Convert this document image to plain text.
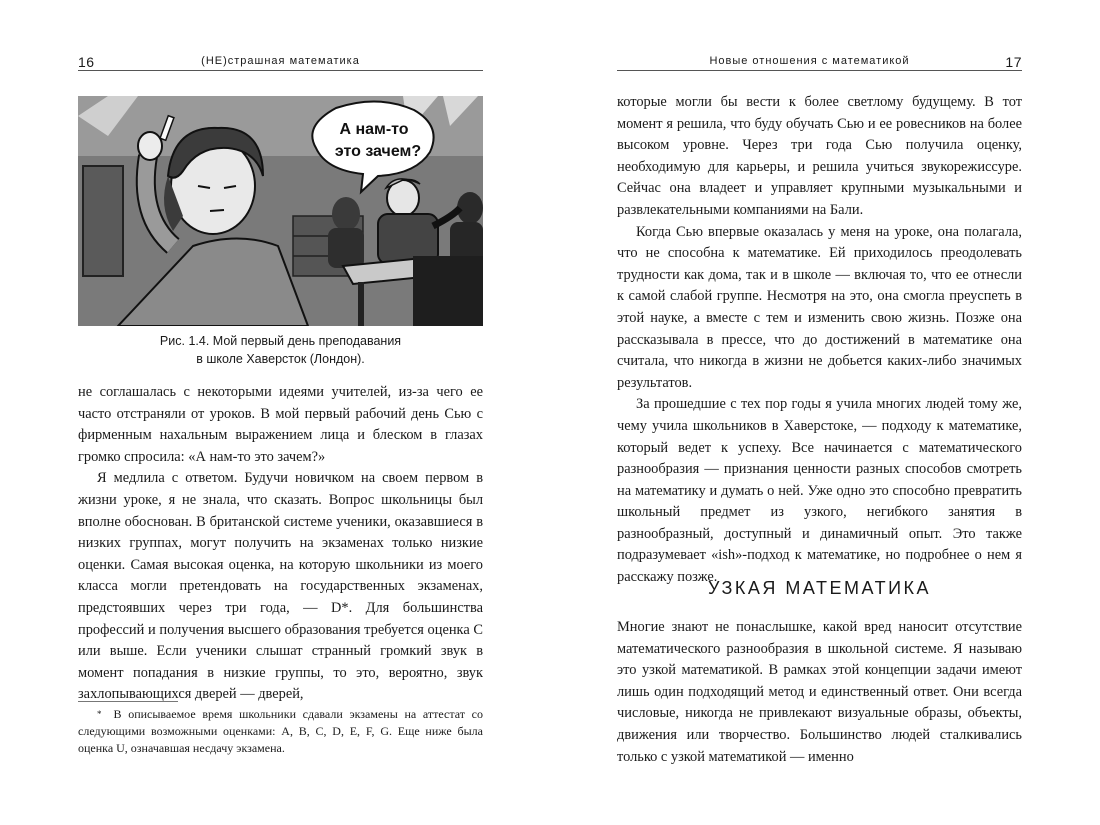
16	(НЕ)страшная математика
А нам-то
это зачем?
Рис. 1.4. Мой первый день преподавания
в школе Хаверсток (Лондон).

не соглашалась с некоторыми идеями учителей, из-за чего ее часто отстраняли от уроков. В мой первый рабочий день Сью с фирменным нахальным выражением лица и блеском в глазах громко спросила: «А нам-то это зачем?»

Я медлила с ответом. Будучи новичком на своем первом в жизни уроке, я не знала, что сказать. Вопрос школьницы был вполне обоснован. В британской системе ученики, оказавшиеся в низких группах, могут получить на экзаменах только низкие оценки. Самая высокая оценка, на которую школьники из моего класса могли претендовать на государственных экзаменах, предстоявших через три года, — D*. Для большинства профессий и получения высшего образования требуется оценка C или выше. Если ученики слышат странный громкий звук в момент попадания в низкие группы, то это, вероятно, звук захлопывающихся дверей — дверей,

* В описываемое время школьники сдавали экзамены на аттестат со следующими возможными оценками: A, B, C, D, E, F, G. Еще ниже была оценка U, означавшая несдачу экзамена.
Новые отношения с математикой	17

которые могли бы вести к более светлому будущему. В тот момент я решила, что буду обучать Сью и ее ровесников на более высоком уровне. Через три года Сью получила оценку, необходимую для карьеры, и решила учиться звукорежиссуре. Сейчас она владеет и управляет крупными музыкальными и развлекательными компаниями на Бали.

Когда Сью впервые оказалась у меня на уроке, она полагала, что не способна к математике. Ей приходилось преодолевать трудности как дома, так и в школе — включая то, что ее отнесли к самой слабой группе. Несмотря на это, она смогла преуспеть в этой науке, а вместе с тем и изменить свою жизнь. Позже она рассказывала в прессе, что до достижений в математике она считала, что никогда в жизни не добьется каких-либо значимых результатов.

За прошедшие с тех пор годы я учила многих людей тому же, чему учила школьников в Хаверстоке, — подходу к математике, который ведет к успеху. Все начинается с математического разнообразия — признания ценности разных способов смотреть на математику и думать о ней. Уже одно это способно превратить школьный предмет из узкого, негибкого занятия в разнообразный, доступный и динамичный опыт. Это также подразумевает «ish»-подход к математике, но подробнее о нем я расскажу позже.

УЗКАЯ МАТЕМАТИКА

Многие знают не понаслышке, какой вред наносит отсутствие математического разнообразия в школьной системе. Я называю это узкой математикой. В рамках этой концепции задачи имеют лишь один подходящий метод и единственный ответ. Они всегда числовые, никогда не привлекают визуальные образы, объекты, движения или творчество. Большинство людей сталкивались только с узкой математикой — именно
